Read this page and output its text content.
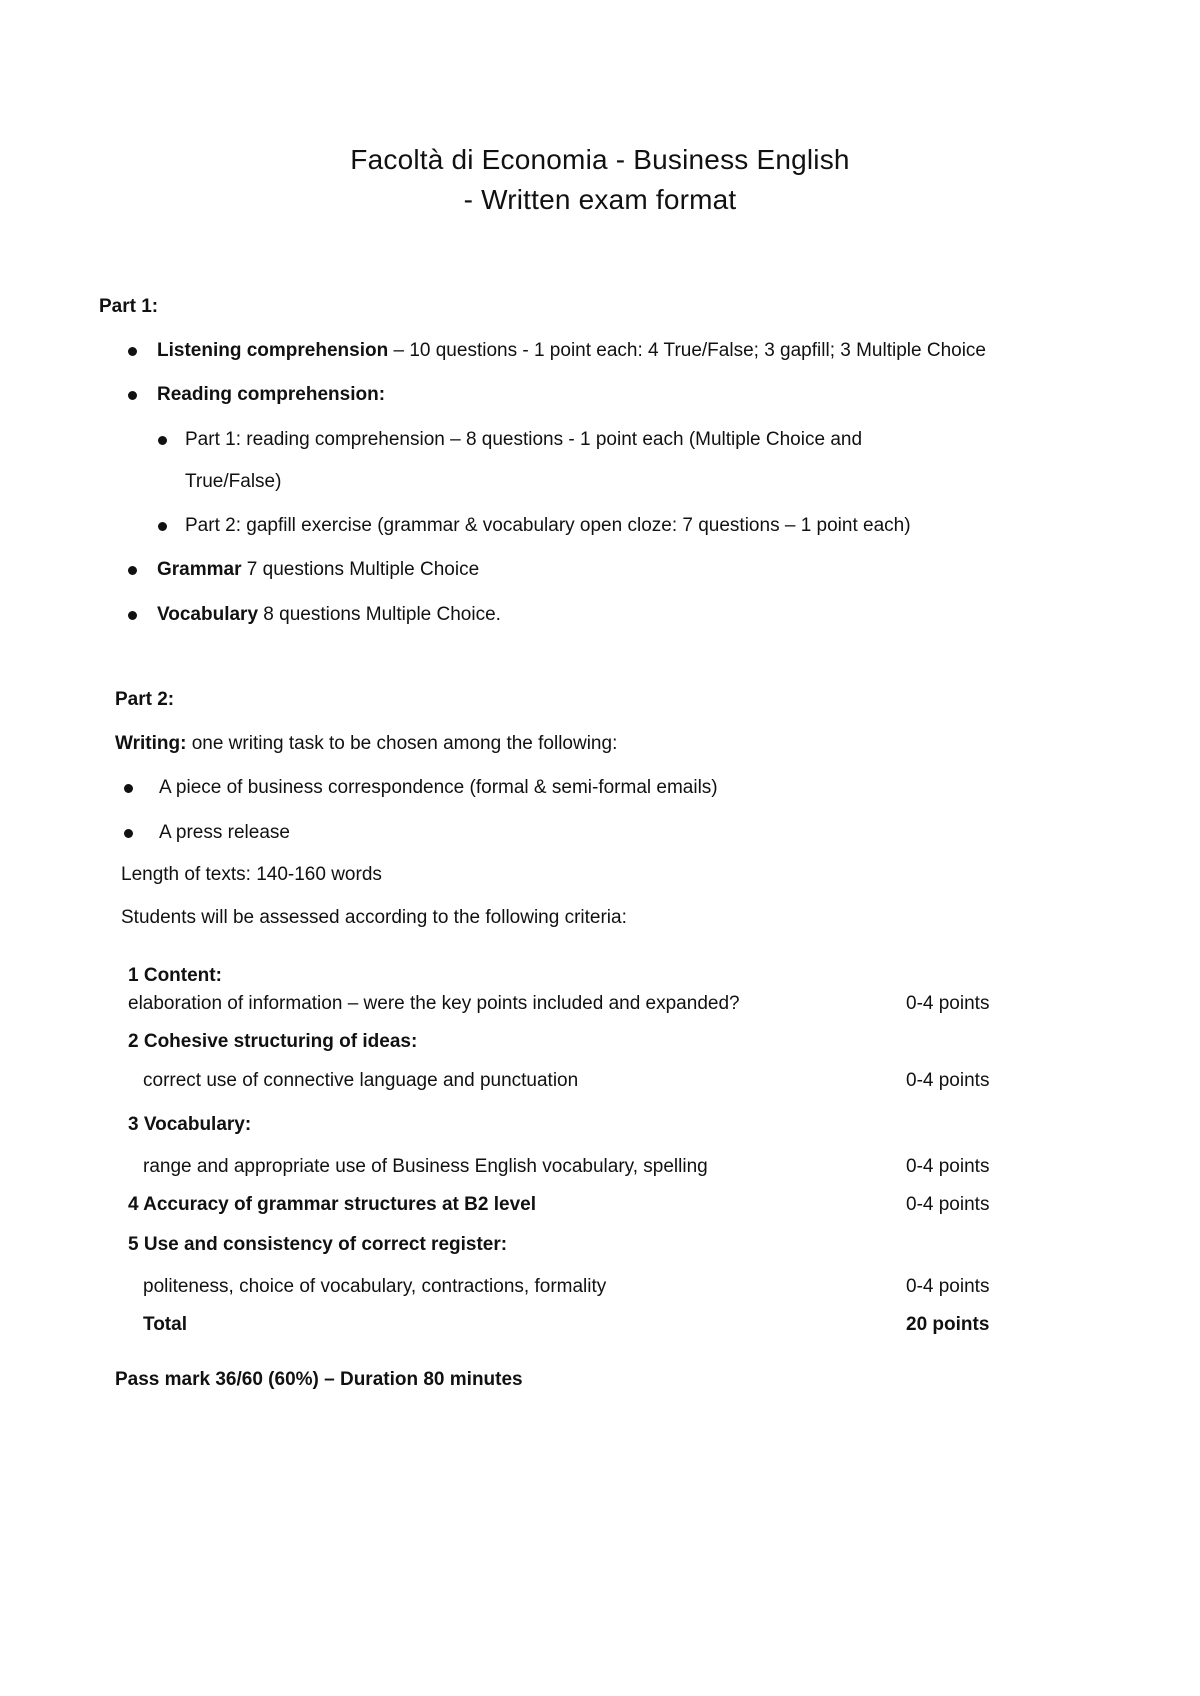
Facoltà di Economia - Business English
- Written exam format
Part 1:
Listening comprehension – 10 questions - 1 point each: 4 True/False; 3 gapfill; 3 Multiple Choice
Reading comprehension:
Part 1: reading comprehension – 8 questions - 1 point each (Multiple Choice and
True/False)
Part 2: gapfill exercise (grammar & vocabulary open cloze: 7 questions – 1 point each)
Grammar 7 questions Multiple Choice
Vocabulary 8 questions Multiple Choice.
Part 2:
Writing: one writing task to be chosen among the following:
A piece of business correspondence (formal & semi-formal emails)
A press release
Length of texts: 140-160 words
Students will be assessed according to the following criteria:
1 Content:
elaboration of information – were the key points included and expanded?	0-4 points
2 Cohesive structuring of ideas:
correct use of connective language and punctuation	0-4 points
3 Vocabulary:
range and appropriate use of Business English vocabulary, spelling	0-4 points
4 Accuracy of grammar structures at B2 level	0-4 points
5 Use and consistency of correct register:
politeness, choice of vocabulary, contractions, formality	0-4 points
Total	20 points
Pass mark 36/60 (60%) – Duration 80 minutes
